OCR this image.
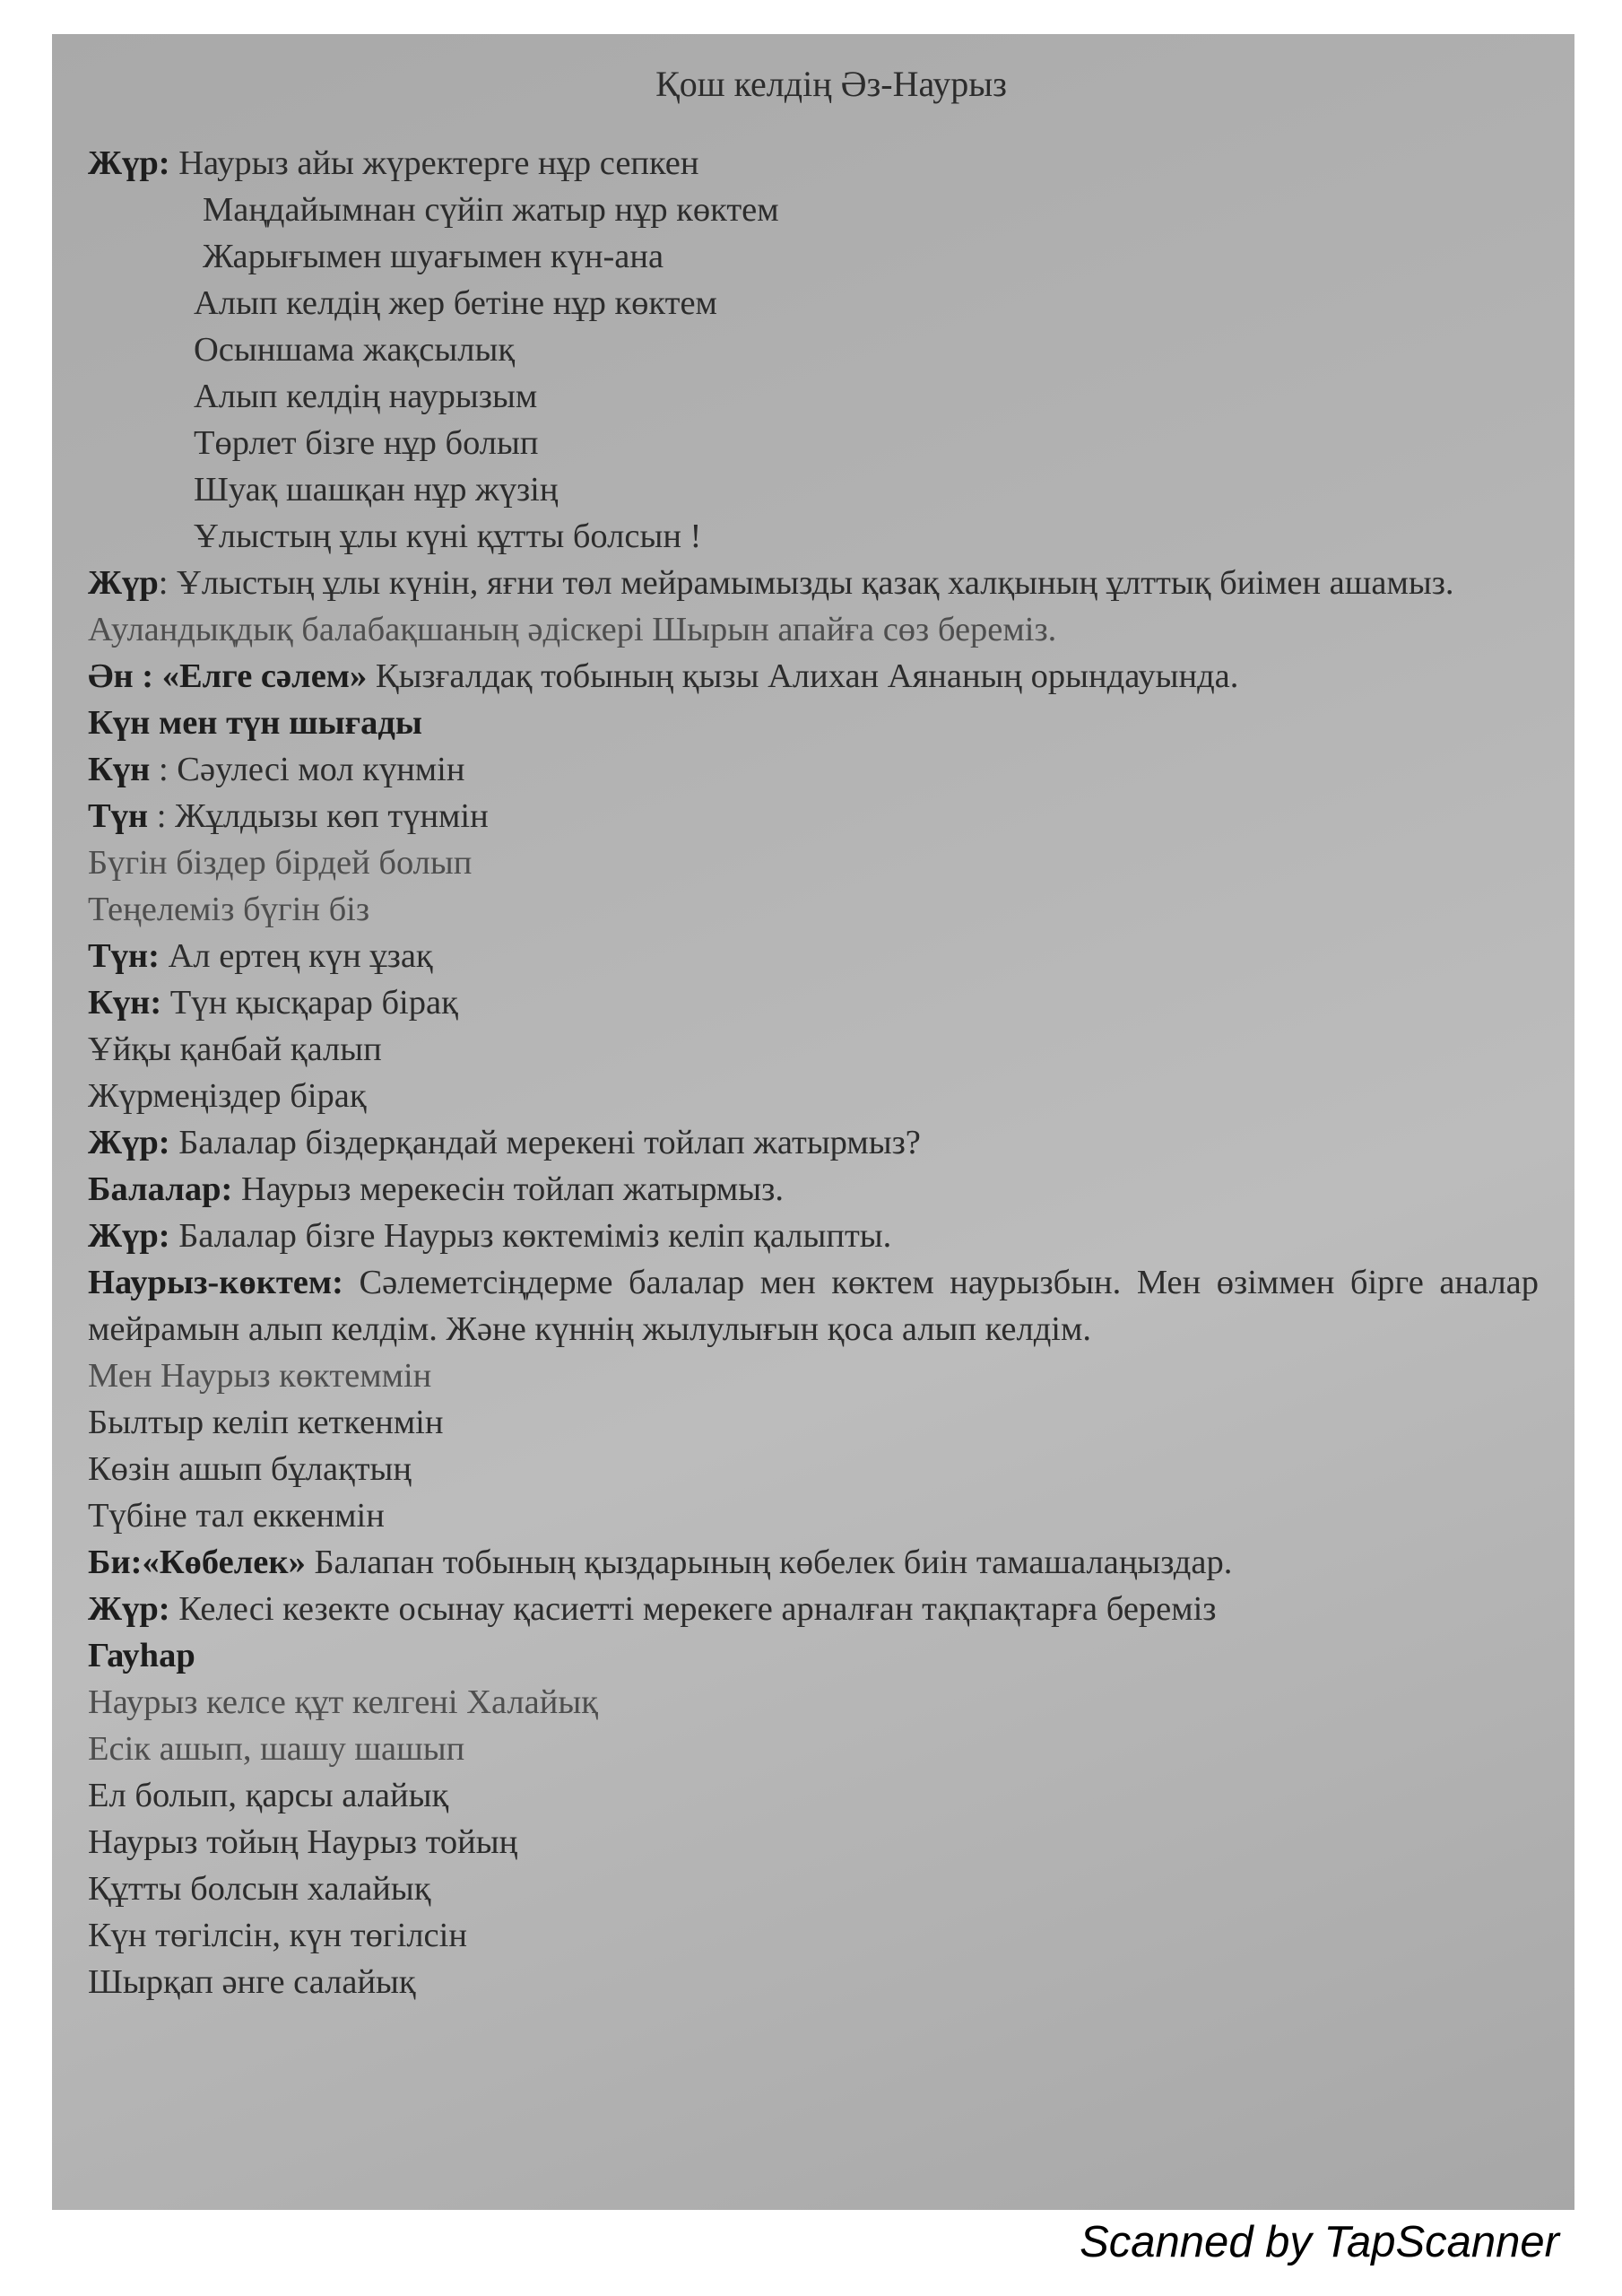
Қош келдің Әз-Наурыз
Жүр: Наурыз айы жүректерге нұр сепкен
Маңдайымнан сүйіп жатыр нұр көктем
Жарығымен шуағымен күн-ана
Алып келдің жер бетіне нұр көктем
Осыншама жақсылық
Алып келдің наурызым
Төрлет бізге нұр болып
Шуақ шашқан нұр жүзің
Ұлыстың ұлы күні құтты болсын !
Жүр: Ұлыстың ұлы күнін, яғни төл мейрамымызды қазақ халқының ұлттық биімен ашамыз.
Ауландықдық балабақшаның әдіскері Шырын апайға сөз береміз.
Ән : «Елге сәлем» Қызғалдақ тобының қызы Алихан Аянаның орындауында.
Күн мен түн шығады
Күн : Сәулесі мол күнмін
Түн : Жұлдызы көп түнмін
Бүгін біздер бірдей болып
Теңелеміз бүгін біз
Түн: Ал ертең күн ұзақ
Күн: Түн қысқарар бірақ
Ұйқы қанбай қалып
Жүрмеңіздер бірақ
Жүр: Балалар біздерқандай мерекені тойлап жатырмыз?
Балалар: Наурыз мерекесін тойлап жатырмыз.
Жүр: Балалар бізге Наурыз көктеміміз келіп қалыпты.
Наурыз-көктем: Сәлеметсіңдерме балалар мен көктем наурызбын. Мен өзіммен бірге аналар мейрамын алып келдім. Және күннің жылулығын қоса алып келдім.
Мен Наурыз көктеммін
Былтыр келіп кеткенмін
Көзін ашып бұлақтың
Түбіне тал еккенмін
Би:«Көбелек» Балапан тобының қыздарының көбелек биін тамашалаңыздар.
Жүр: Келесі кезекте осынау қасиетті мерекеге арналған тақпақтарға береміз
Гауһар
Наурыз келсе құт келгені Халайық
Есік ашып, шашу шашып
Ел болып, қарсы алайық
Наурыз тойың Наурыз тойың
Құтты болсын халайық
Күн төгілсін, күн төгілсін
Шырқап әнге салайық
Scanned by TapScanner
